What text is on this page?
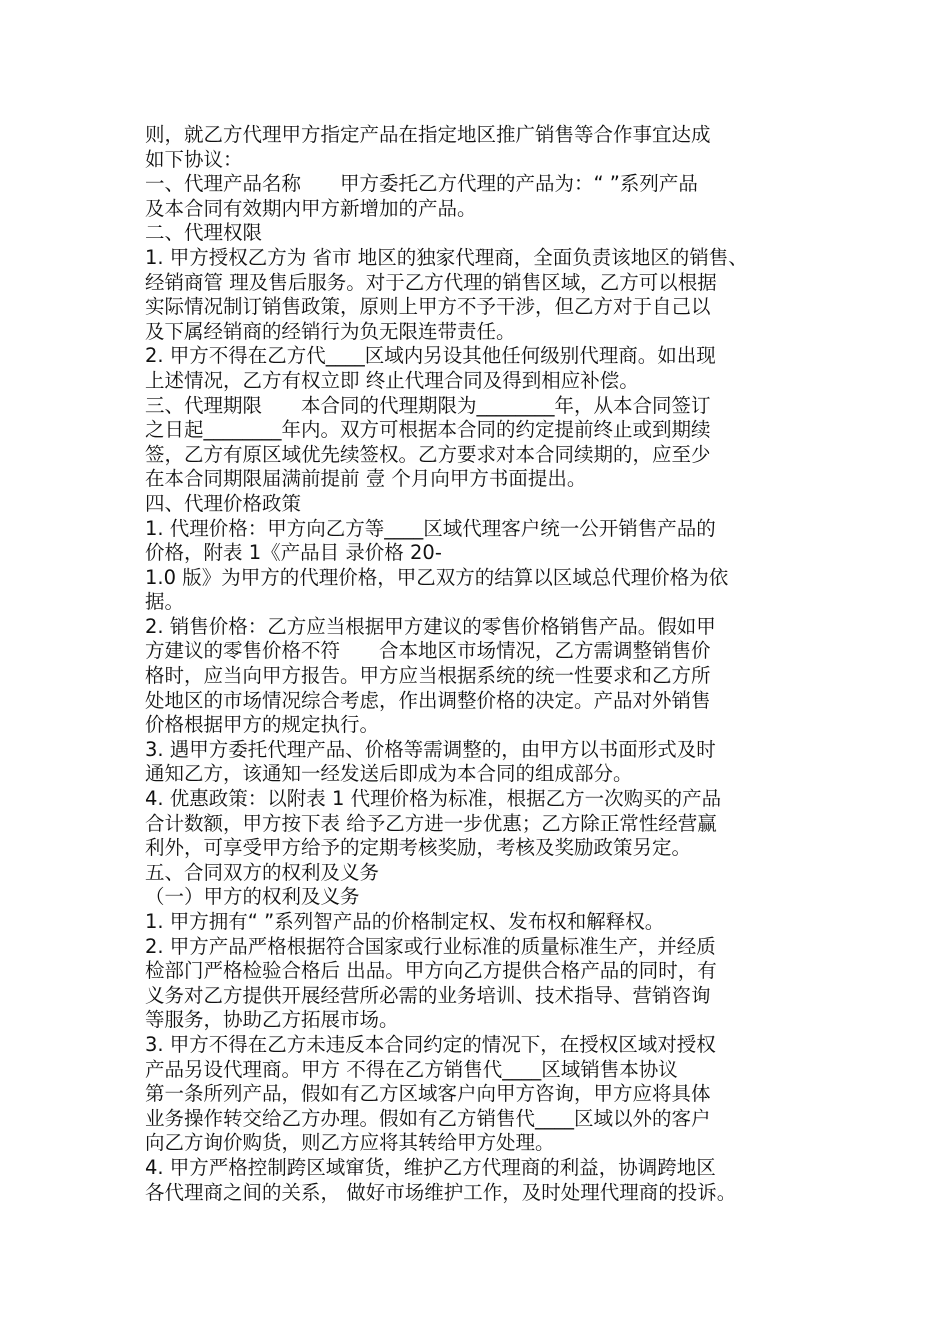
则，就乙方代理甲方指定产品在指定地区推广销售等合作事宜达成

如下协议：

一、代理产品名称　　甲方委托乙方代理的产品为：“ ”系列产品

及本合同有效期内甲方新增加的产品。

二、代理权限

1. 甲方授权乙方为 省市 地区的独家代理商，全面负责该地区的销售、

经销商管 理及售后服务。对于乙方代理的销售区域，乙方可以根据

实际情况制订销售政策，原则上甲方不予干涉，但乙方对于自己以

及下属经销商的经销行为负无限连带责任。

2. 甲方不得在乙方代____区域内另设其他任何级别代理商。如出现

上述情况，乙方有权立即 终止代理合同及得到相应补偿。

三、代理期限　　本合同的代理期限为________年，从本合同签订

之日起________年内。双方可根据本合同的约定提前终止或到期续

签，乙方有原区域优先续签权。乙方要求对本合同续期的，应至少

在本合同期限届满前提前 壹 个月向甲方书面提出。

四、代理价格政策

1. 代理价格：甲方向乙方等____区域代理客户统一公开销售产品的

价格，附表 1《产品目 录价格 20-

1.0 版》为甲方的代理价格，甲乙双方的结算以区域总代理价格为依

据。

2. 销售价格：乙方应当根据甲方建议的零售价格销售产品。假如甲

方建议的零售价格不符　　合本地区市场情况，乙方需调整销售价

格时，应当向甲方报告。甲方应当根据系统的统一性要求和乙方所

处地区的市场情况综合考虑，作出调整价格的决定。产品对外销售

价格根据甲方的规定执行。

3. 遇甲方委托代理产品、价格等需调整的，由甲方以书面形式及时

通知乙方，该通知一经发送后即成为本合同的组成部分。

4. 优惠政策：以附表 1 代理价格为标准，根据乙方一次购买的产品

合计数额，甲方按下表 给予乙方进一步优惠；乙方除正常性经营赢

利外，可享受甲方给予的定期考核奖励，考核及奖励政策另定。

五、合同双方的权利及义务

（一）甲方的权利及义务

1. 甲方拥有“ ”系列智产品的价格制定权、发布权和解释权。

2. 甲方产品严格根据符合国家或行业标准的质量标准生产，并经质

检部门严格检验合格后 出品。甲方向乙方提供合格产品的同时，有

义务对乙方提供开展经营所必需的业务培训、技术指导、营销咨询

等服务，协助乙方拓展市场。

3. 甲方不得在乙方未违反本合同约定的情况下，在授权区域对授权

产品另设代理商。甲方 不得在乙方销售代____区域销售本协议

第一条所列产品，假如有乙方区域客户向甲方咨询，甲方应将具体

业务操作转交给乙方办理。假如有乙方销售代____区域以外的客户

向乙方询价购货，则乙方应将其转给甲方处理。

4. 甲方严格控制跨区域窜货，维护乙方代理商的利益，协调跨地区

各代理商之间的关系， 做好市场维护工作，及时处理代理商的投诉。
